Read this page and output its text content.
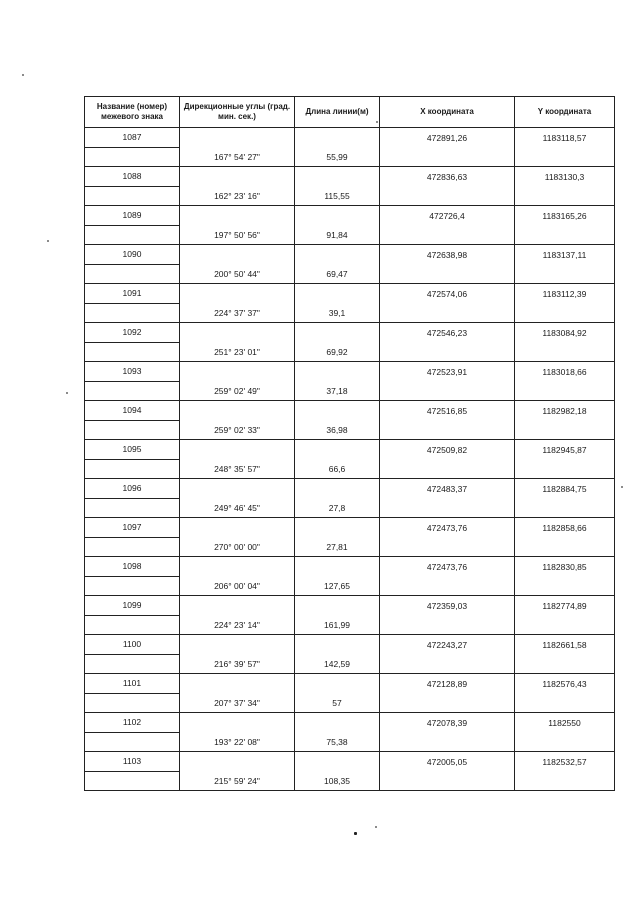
Название (номер) межевого знака	Дирекционные углы (град. мин. сек.)	Длина линии(м)	Х координата	Y координата
1087			472891,26	1183118,57
	167° 54' 27"	55,99		
1088			472836,63	1183130,3
	162° 23' 16"	115,55		
1089			472726,4	1183165,26
	197° 50' 56"	91,84		
1090			472638,98	1183137,11
	200° 50' 44"	69,47		
1091			472574,06	1183112,39
	224° 37' 37"	39,1		
1092			472546,23	1183084,92
	251° 23' 01"	69,92		
1093			472523,91	1183018,66
	259° 02' 49"	37,18		
1094			472516,85	1182982,18
	259° 02' 33"	36,98		
1095			472509,82	1182945,87
	248° 35' 57"	66,6		
1096			472483,37	1182884,75
	249° 46' 45"	27,8		
1097			472473,76	1182858,66
	270° 00' 00"	27,81		
1098			472473,76	1182830,85
	206° 00' 04"	127,65		
1099			472359,03	1182774,89
	224° 23' 14"	161,99		
1100			472243,27	1182661,58
	216° 39' 57"	142,59		
1101			472128,89	1182576,43
	207° 37' 34"	57		
1102			472078,39	1182550
	193° 22' 08"	75,38		
1103			472005,05	1182532,57
	215° 59' 24"	108,35		
